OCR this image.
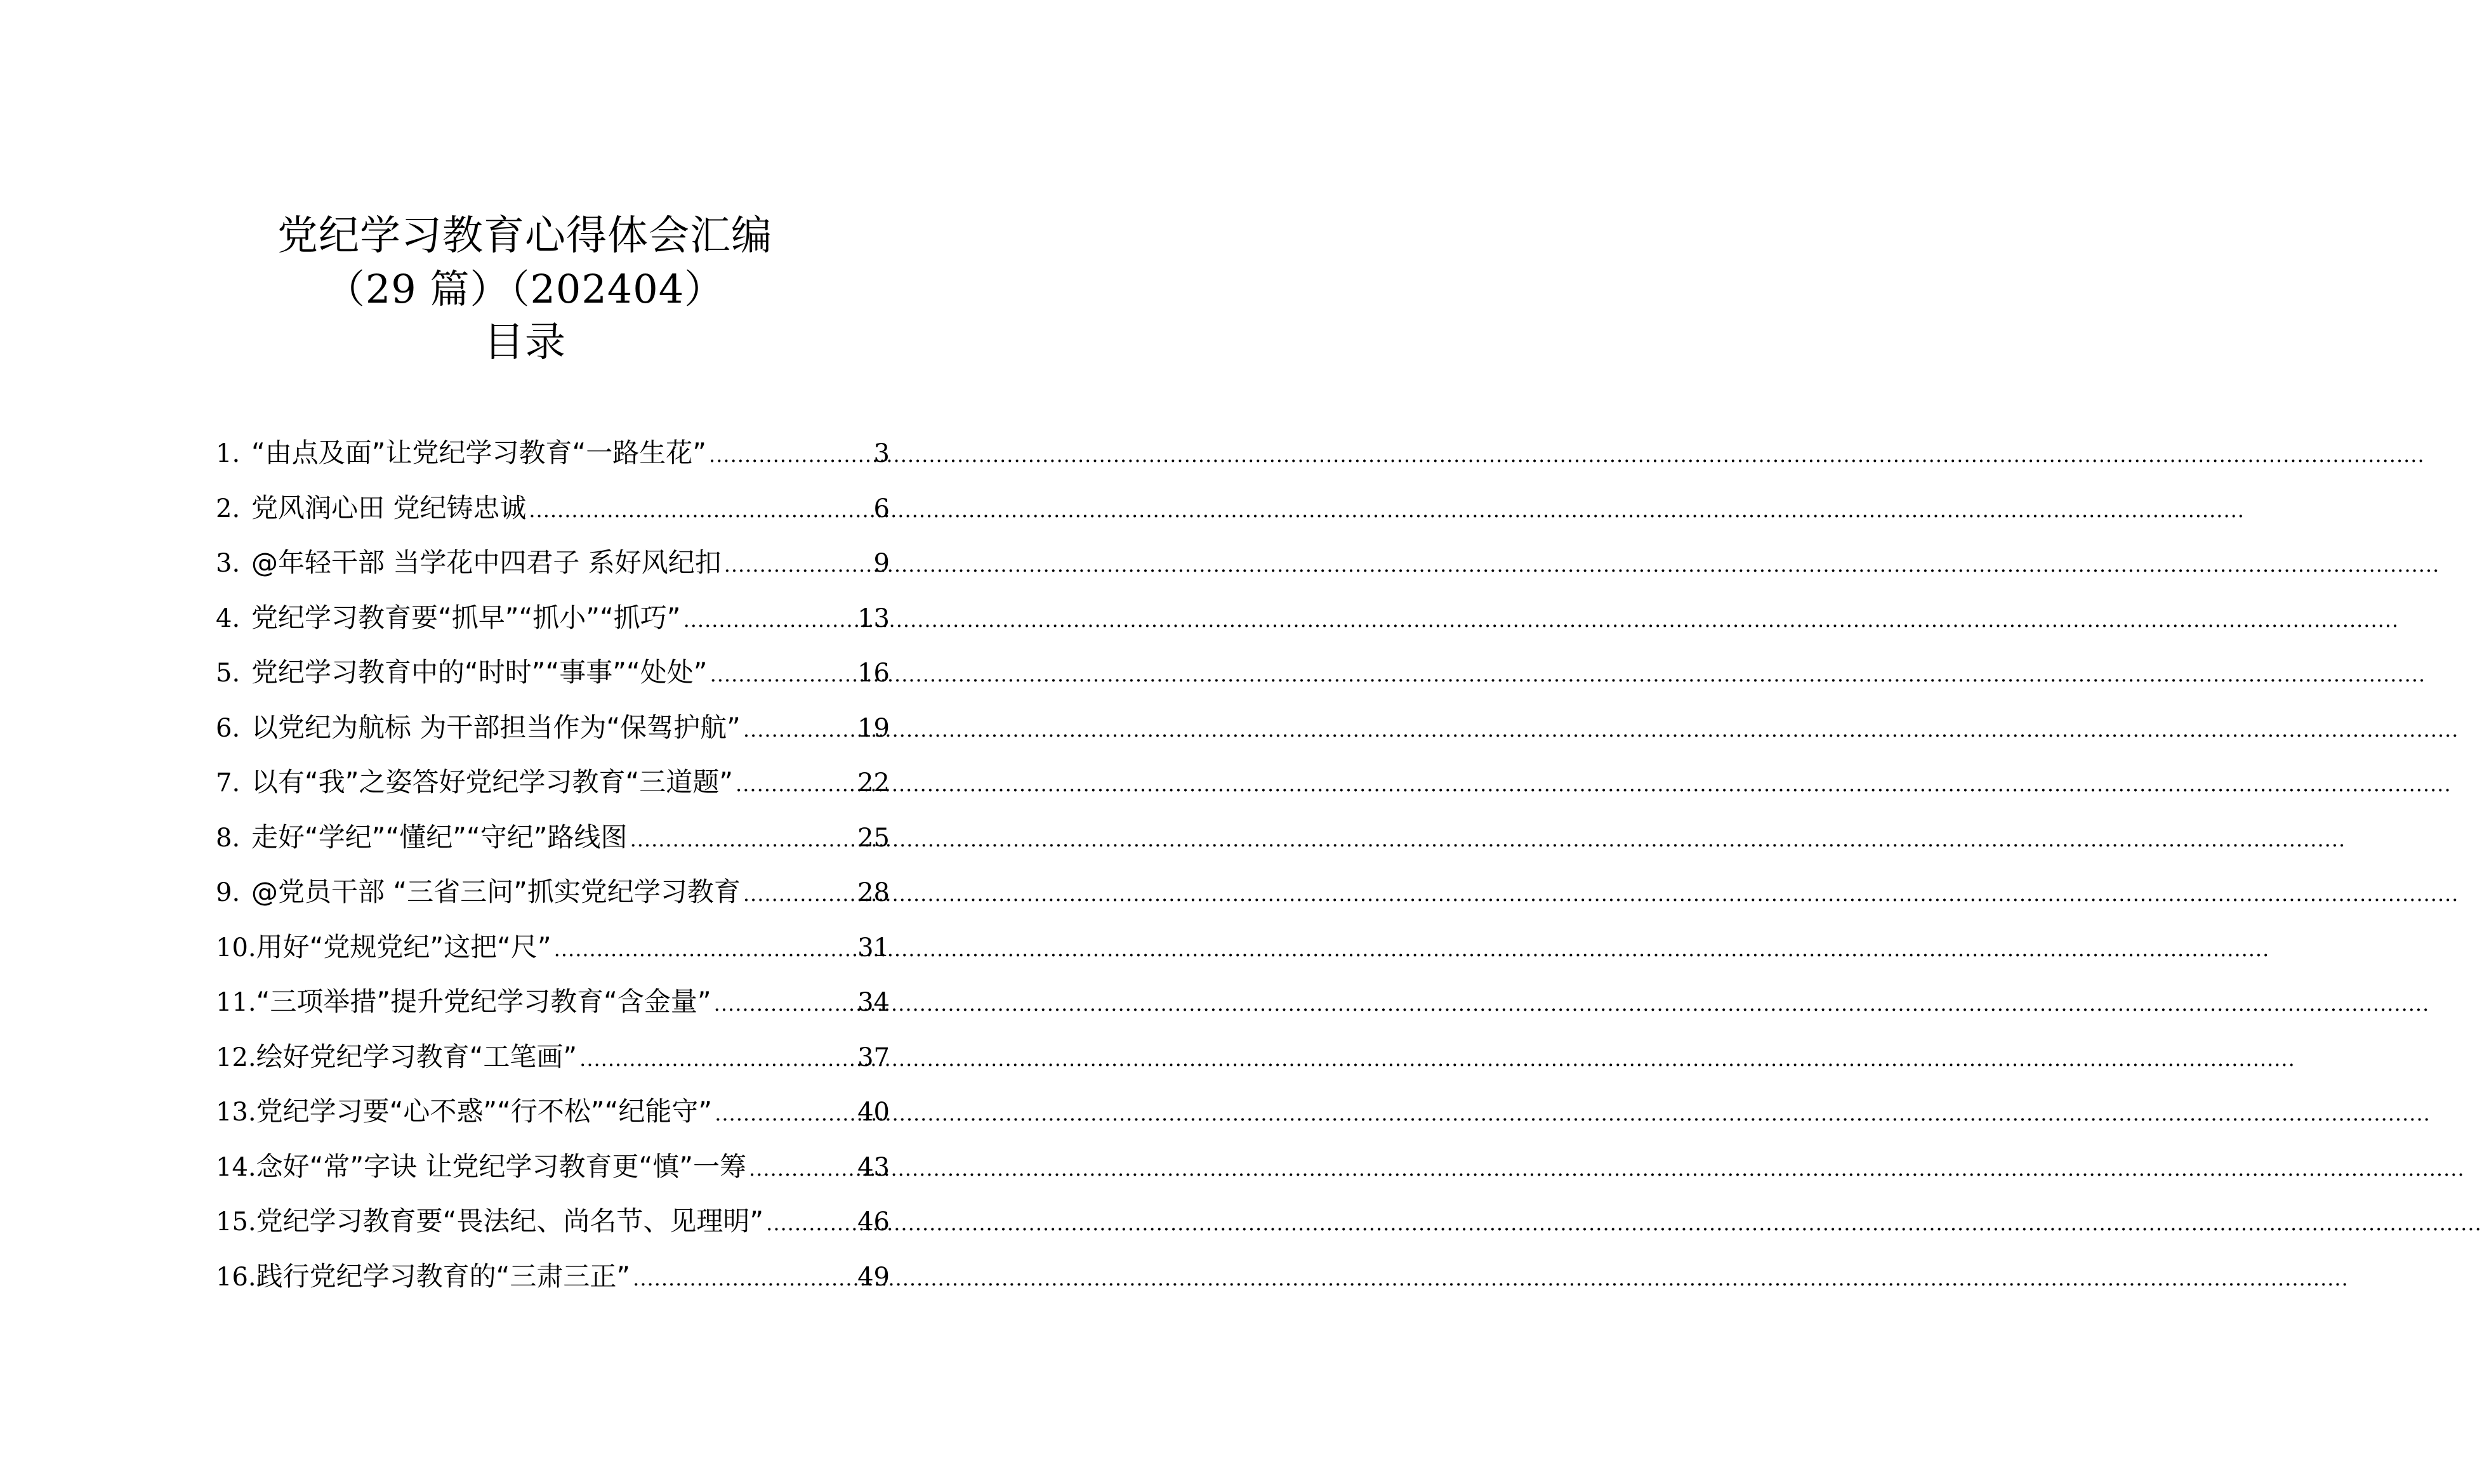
党纪学习教育心得体会汇编
（29 篇）（202404）
目录
1. “由点及面”让党纪学习教育“一路生花” .....	3
2. 党风润心田 党纪铸忠诚 .....	6
3. @年轻干部 当学花中四君子 系好风纪扣 .....	9
4. 党纪学习教育要“抓早”“抓小”“抓巧” .....	13
5. 党纪学习教育中的“时时”“事事”“处处” .....	16
6. 以党纪为航标 为干部担当作为“保驾护航” .....	19
7. 以有“我”之姿答好党纪学习教育“三道题” .....	22
8. 走好“学纪”“懂纪”“守纪”路线图 .....	25
9. @党员干部 “三省三问”抓实党纪学习教育 .....	28
10. 用好“党规党纪”这把“尺” .....	31
11. “三项举措”提升党纪学习教育“含金量” .....	34
12. 绘好党纪学习教育“工笔画” .....	37
13. 党纪学习要“心不惑”“行不松”“纪能守” .....	40
14. 念好“常”字诀 让党纪学习教育更“慎”一筹 .....	43
15. 党纪学习教育要“畏法纪、尚名节、见理明” .....	46
16. 践行党纪学习教育的“三肃三正” .....	49
